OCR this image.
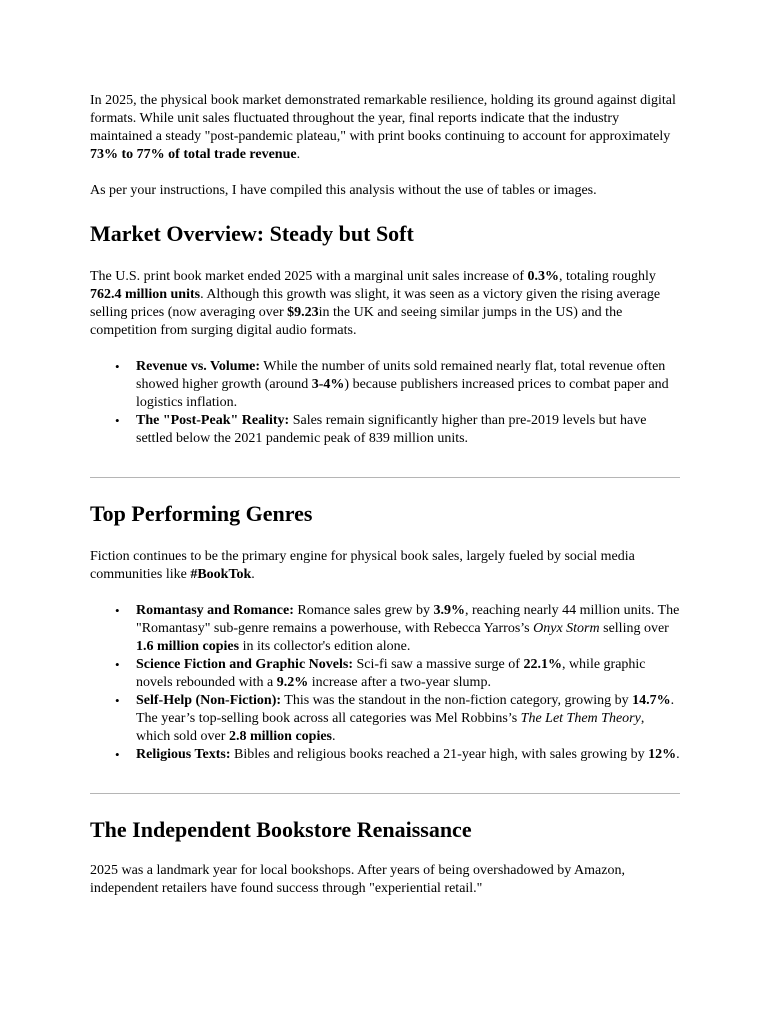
In 2025, the physical book market demonstrated remarkable resilience, holding its ground against digital formats. While unit sales fluctuated throughout the year, final reports indicate that the industry maintained a steady "post-pandemic plateau," with print books continuing to account for approximately 73% to 77% of total trade revenue.

As per your instructions, I have compiled this analysis without the use of tables or images.

Market Overview: Steady but Soft

The U.S. print book market ended 2025 with a marginal unit sales increase of 0.3%, totaling roughly 762.4 million units. Although this growth was slight, it was seen as a victory given the rising average selling prices (now averaging over $9.23in the UK and seeing similar jumps in the US) and the competition from surging digital audio formats.

• Revenue vs. Volume: While the number of units sold remained nearly flat, total revenue often showed higher growth (around 3-4%) because publishers increased prices to combat paper and logistics inflation.
• The "Post-Peak" Reality: Sales remain significantly higher than pre-2019 levels but have settled below the 2021 pandemic peak of 839 million units.
Top Performing Genres

Fiction continues to be the primary engine for physical book sales, largely fueled by social media communities like #BookTok.

• Romantasy and Romance: Romance sales grew by 3.9%, reaching nearly 44 million units. The "Romantasy" sub-genre remains a powerhouse, with Rebecca Yarros’s Onyx Storm selling over 1.6 million copies in its collector's edition alone.
• Science Fiction and Graphic Novels: Sci-fi saw a massive surge of 22.1%, while graphic novels rebounded with a 9.2% increase after a two-year slump.
• Self-Help (Non-Fiction): This was the standout in the non-fiction category, growing by 14.7%. The year’s top-selling book across all categories was Mel Robbins’s The Let Them Theory, which sold over 2.8 million copies.
• Religious Texts: Bibles and religious books reached a 21-year high, with sales growing by 12%.
The Independent Bookstore Renaissance

2025 was a landmark year for local bookshops. After years of being overshadowed by Amazon, independent retailers have found success through "experiential retail."
